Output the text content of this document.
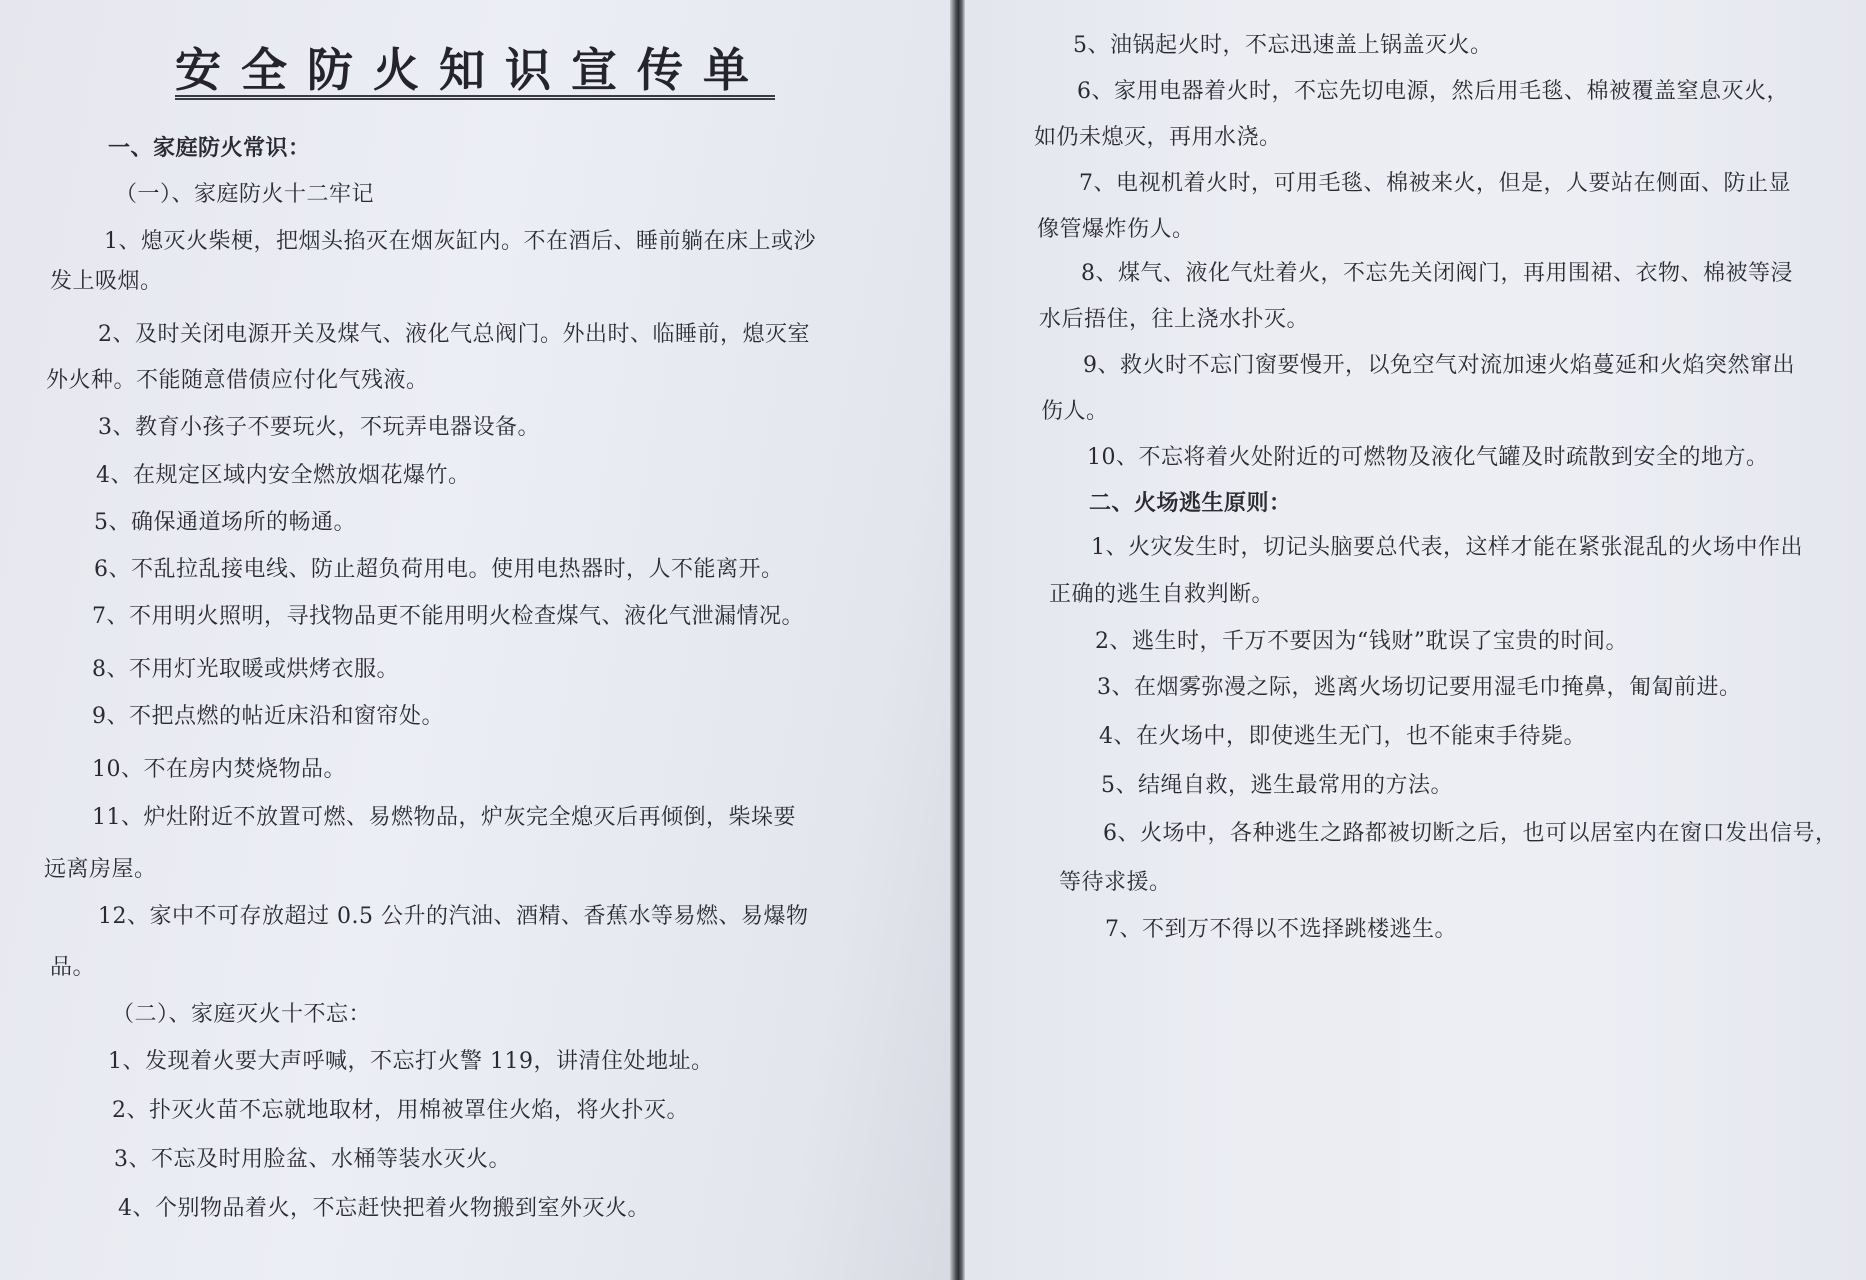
安全防火知识宣传单
一、家庭防火常识：
（一）、家庭防火十二牢记
1、熄灭火柴梗，把烟头掐灭在烟灰缸内。不在酒后、睡前躺在床上或沙
发上吸烟。
2、及时关闭电源开关及煤气、液化气总阀门。外出时、临睡前，熄灭室
外火种。不能随意借债应付化气残液。
3、教育小孩子不要玩火，不玩弄电器设备。
4、在规定区域内安全燃放烟花爆竹。
5、确保通道场所的畅通。
6、不乱拉乱接电线、防止超负荷用电。使用电热器时，人不能离开。
7、不用明火照明，寻找物品更不能用明火检查煤气、液化气泄漏情况。
8、不用灯光取暖或烘烤衣服。
9、不把点燃的帖近床沿和窗帘处。
10、不在房内焚烧物品。
11、炉灶附近不放置可燃、易燃物品，炉灰完全熄灭后再倾倒，柴垛要
远离房屋。
12、家中不可存放超过 0.5 公升的汽油、酒精、香蕉水等易燃、易爆物
品。
（二）、家庭灭火十不忘：
1、发现着火要大声呼喊，不忘打火警 119，讲清住处地址。
2、扑灭火苗不忘就地取材，用棉被罩住火焰，将火扑灭。
3、不忘及时用脸盆、水桶等装水灭火。
4、个别物品着火，不忘赶快把着火物搬到室外灭火。
5、油锅起火时，不忘迅速盖上锅盖灭火。
6、家用电器着火时，不忘先切电源，然后用毛毯、棉被覆盖窒息灭火，
如仍未熄灭，再用水浇。
7、电视机着火时，可用毛毯、棉被来火，但是，人要站在侧面、防止显
像管爆炸伤人。
8、煤气、液化气灶着火，不忘先关闭阀门，再用围裙、衣物、棉被等浸
水后捂住，往上浇水扑灭。
9、救火时不忘门窗要慢开，以免空气对流加速火焰蔓延和火焰突然窜出
伤人。
10、不忘将着火处附近的可燃物及液化气罐及时疏散到安全的地方。
二、火场逃生原则：
1、火灾发生时，切记头脑要总代表，这样才能在紧张混乱的火场中作出
正确的逃生自救判断。
2、逃生时，千万不要因为“钱财”耽误了宝贵的时间。
3、在烟雾弥漫之际，逃离火场切记要用湿毛巾掩鼻，匍匐前进。
4、在火场中，即使逃生无门，也不能束手待毙。
5、结绳自救，逃生最常用的方法。
6、火场中，各种逃生之路都被切断之后，也可以居室内在窗口发出信号，
等待求援。
7、不到万不得以不选择跳楼逃生。
